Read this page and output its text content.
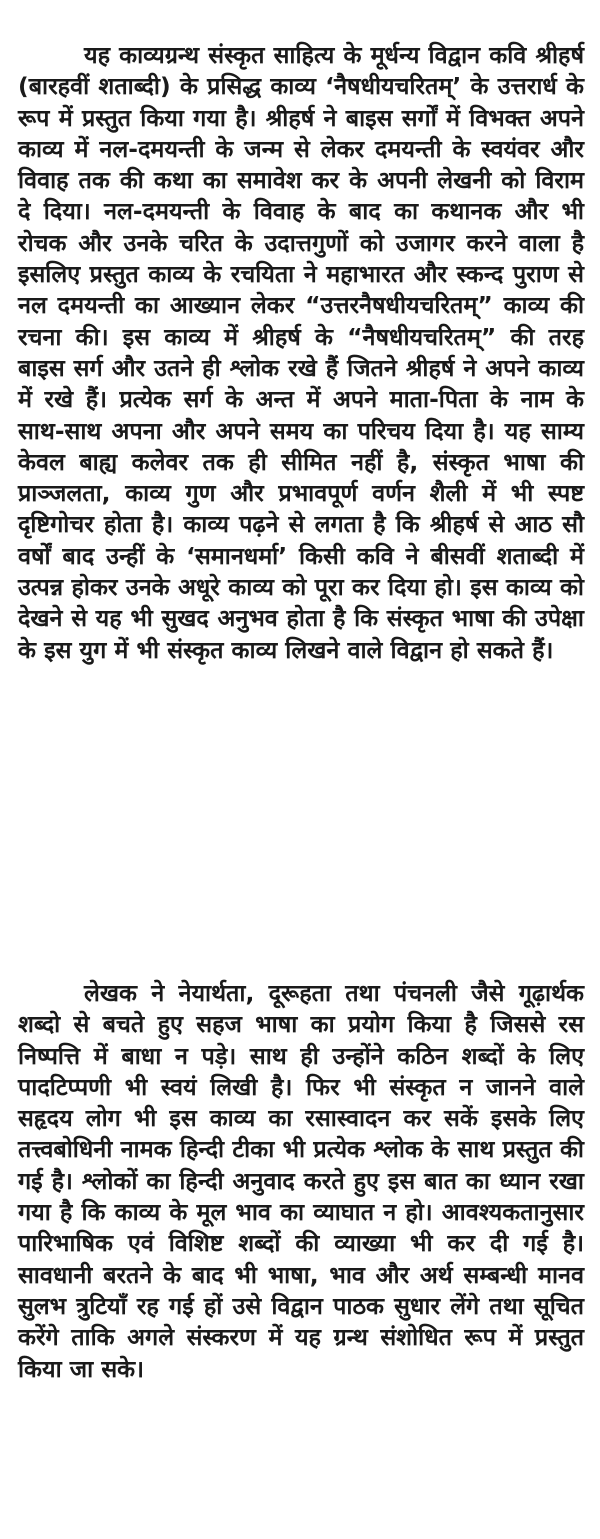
यह काव्यग्रन्थ संस्कृत साहित्य के मूर्धन्य विद्वान कवि श्रीहर्ष (बारहवीं शताब्दी) के प्रसिद्ध काव्य ‘नैषधीयचरितम्’ के उत्तरार्ध के रूप में प्रस्तुत किया गया है। श्रीहर्ष ने बाइस सर्गों में विभक्त अपने काव्य में नल-दमयन्ती के जन्म से लेकर दमयन्ती के स्वयंवर और विवाह तक की कथा का समावेश कर के अपनी लेखनी को विराम दे दिया। नल-दमयन्ती के विवाह के बाद का कथानक और भी रोचक और उनके चरित के उदात्तगुणों को उजागर करने वाला है इसलिए प्रस्तुत काव्य के रचयिता ने महाभारत और स्कन्द पुराण से नल दमयन्ती का आख्यान लेकर “उत्तरनैषधीयचरितम्” काव्य की रचना की। इस काव्य में श्रीहर्ष के “नैषधीयचरितम्” की तरह बाइस सर्ग और उतने ही श्लोक रखे हैं जितने श्रीहर्ष ने अपने काव्य में रखे हैं। प्रत्येक सर्ग के अन्त में अपने माता-पिता के नाम के साथ-साथ अपना और अपने समय का परिचय दिया है। यह साम्य केवल बाह्य कलेवर तक ही सीमित नहीं है, संस्कृत भाषा की प्राञ्जलता, काव्य गुण और प्रभावपूर्ण वर्णन शैली में भी स्पष्ट दृष्टिगोचर होता है। काव्य पढ़ने से लगता है कि श्रीहर्ष से आठ सौ वर्षों बाद उन्हीं के ‘समानधर्मा’ किसी कवि ने बीसवीं शताब्दी में उत्पन्न होकर उनके अधूरे काव्य को पूरा कर दिया हो। इस काव्य को देखने से यह भी सुखद अनुभव होता है कि संस्कृत भाषा की उपेक्षा के इस युग में भी संस्कृत काव्य लिखने वाले विद्वान हो सकते हैं।

लेखक ने नेयार्थता, दूरूहता तथा पंचनली जैसे गूढ़ार्थक शब्दो से बचते हुए सहज भाषा का प्रयोग किया है जिससे रस निष्पत्ति में बाधा न पड़े। साथ ही उन्होंने कठिन शब्दों के लिए पादटिप्पणी भी स्वयं लिखी है। फिर भी संस्कृत न जानने वाले सहृदय लोग भी इस काव्य का रसास्वादन कर सकें इसके लिए तत्त्वबोधिनी नामक हिन्दी टीका भी प्रत्येक श्लोक के साथ प्रस्तुत की गई है। श्लोकों का हिन्दी अनुवाद करते हुए इस बात का ध्यान रखा गया है कि काव्य के मूल भाव का व्याघात न हो। आवश्यकतानुसार पारिभाषिक एवं विशिष्ट शब्दों की व्याख्या भी कर दी गई है। सावधानी बरतने के बाद भी भाषा, भाव और अर्थ सम्बन्धी मानव सुलभ त्रुटियाँ रह गई हों उसे विद्वान पाठक सुधार लेंगे तथा सूचित करेंगे ताकि अगले संस्करण में यह ग्रन्थ संशोधित रूप में प्रस्तुत किया जा सके।
